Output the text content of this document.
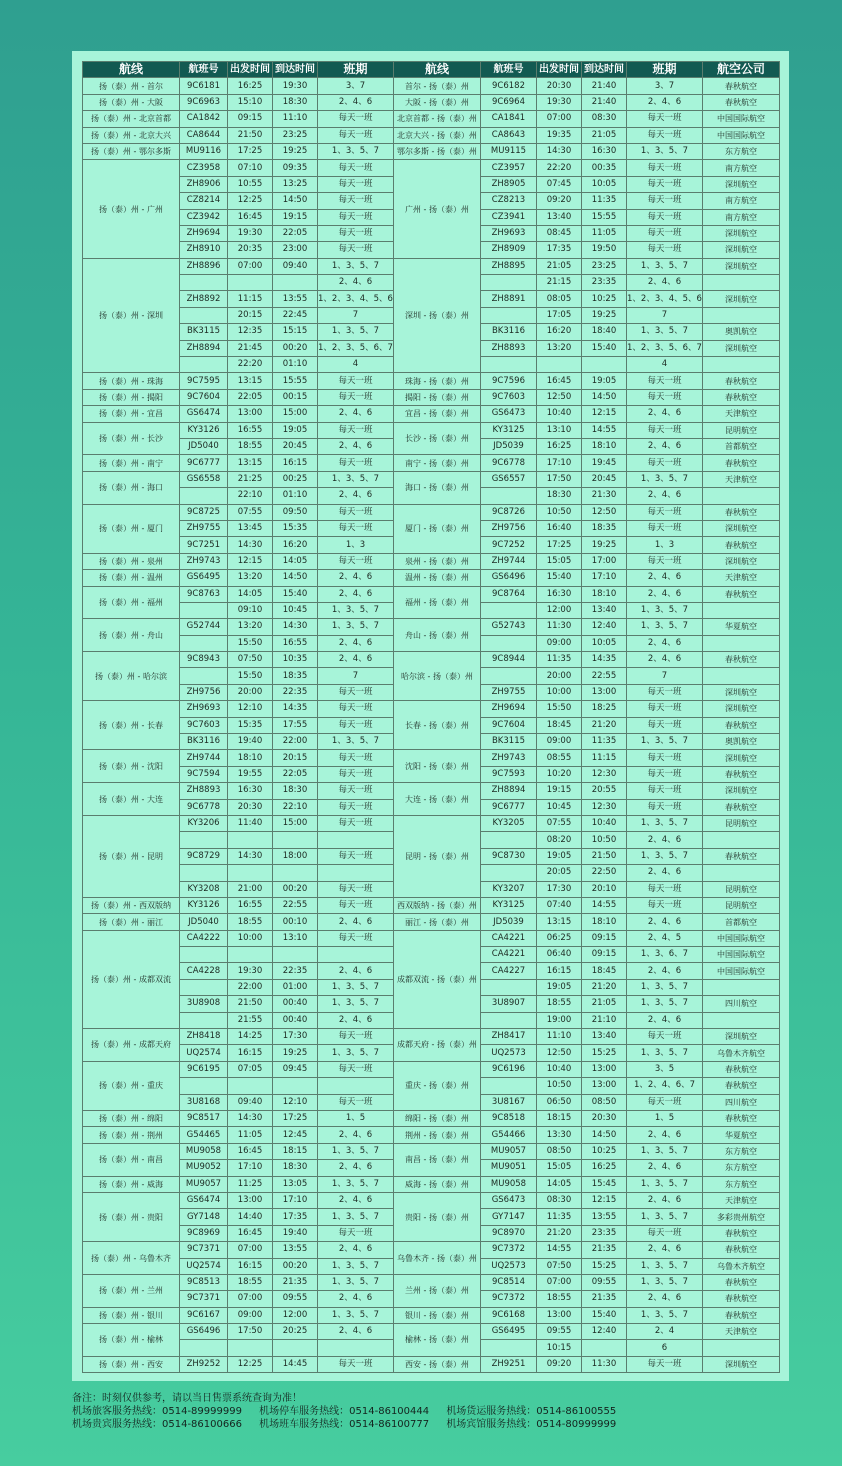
航线	航班号	出发时间	到达时间	班期	航线	航班号	出发时间	到达时间	班期	航空公司
扬（泰）州 - 首尔	9C6181	16:25	19:30	3、7	首尔 - 扬（泰）州	9C6182	20:30	21:40	3、7	春秋航空
扬（泰）州 - 大阪	9C6963	15:10	18:30	2、4、6	大阪 - 扬（泰）州	9C6964	19:30	21:40	2、4、6	春秋航空
扬（泰）州 - 北京首都	CA1842	09:15	11:10	每天一班	北京首都 - 扬（泰）州	CA1841	07:00	08:30	每天一班	中国国际航空
扬（泰）州 - 北京大兴	CA8644	21:50	23:25	每天一班	北京大兴 - 扬（泰）州	CA8643	19:35	21:05	每天一班	中国国际航空
扬（泰）州 - 鄂尔多斯	MU9116	17:25	19:25	1、3、5、7	鄂尔多斯 - 扬（泰）州	MU9115	14:30	16:30	1、3、5、7	东方航空
扬（泰）州 - 广州	CZ3958	07:10	09:35	每天一班	广州 - 扬（泰）州	CZ3957	22:20	00:35	每天一班	南方航空
	ZH8906	10:55	13:25	每天一班		ZH8905	07:45	10:05	每天一班	深圳航空
	CZ8214	12:25	14:50	每天一班		CZ8213	09:20	11:35	每天一班	南方航空
	CZ3942	16:45	19:15	每天一班		CZ3941	13:40	15:55	每天一班	南方航空
	ZH9694	19:30	22:05	每天一班		ZH9693	08:45	11:05	每天一班	深圳航空
	ZH8910	20:35	23:00	每天一班		ZH8909	17:35	19:50	每天一班	深圳航空
扬（泰）州 - 深圳	ZH8896	07:00	09:40	1、3、5、7	深圳 - 扬（泰）州	ZH8895	21:05	23:25	1、3、5、7	深圳航空
				2、4、6			21:15	23:35	2、4、6	
	ZH8892	11:15	13:55	1、2、3、4、5、6		ZH8891	08:05	10:25	1、2、3、4、5、6	深圳航空
		20:15	22:45	7			17:05	19:25	7	
	BK3115	12:35	15:15	1、3、5、7		BK3116	16:20	18:40	1、3、5、7	奥凯航空
	ZH8894	21:45	00:20	1、2、3、5、6、7		ZH8893	13:20	15:40	1、2、3、5、6、7	深圳航空
		22:20	01:10	4					4	
扬（泰）州 - 珠海	9C7595	13:15	15:55	每天一班	珠海 - 扬（泰）州	9C7596	16:45	19:05	每天一班	春秋航空
扬（泰）州 - 揭阳	9C7604	22:05	00:15	每天一班	揭阳 - 扬（泰）州	9C7603	12:50	14:50	每天一班	春秋航空
扬（泰）州 - 宜昌	GS6474	13:00	15:00	2、4、6	宜昌 - 扬（泰）州	GS6473	10:40	12:15	2、4、6	天津航空
扬（泰）州 - 长沙	KY3126	16:55	19:05	每天一班	长沙 - 扬（泰）州	KY3125	13:10	14:55	每天一班	昆明航空
	JD5040	18:55	20:45	2、4、6		JD5039	16:25	18:10	2、4、6	首都航空
扬（泰）州 - 南宁	9C6777	13:15	16:15	每天一班	南宁 - 扬（泰）州	9C6778	17:10	19:45	每天一班	春秋航空
扬（泰）州 - 海口	GS6558	21:25	00:25	1、3、5、7	海口 - 扬（泰）州	GS6557	17:50	20:45	1、3、5、7	天津航空
		22:10	01:10	2、4、6			18:30	21:30	2、4、6	
扬（泰）州 - 厦门	9C8725	07:55	09:50	每天一班	厦门 - 扬（泰）州	9C8726	10:50	12:50	每天一班	春秋航空
	ZH9755	13:45	15:35	每天一班		ZH9756	16:40	18:35	每天一班	深圳航空
	9C7251	14:30	16:20	1、3		9C7252	17:25	19:25	1、3	春秋航空
扬（泰）州 - 泉州	ZH9743	12:15	14:05	每天一班	泉州 - 扬（泰）州	ZH9744	15:05	17:00	每天一班	深圳航空
扬（泰）州 - 温州	GS6495	13:20	14:50	2、4、6	温州 - 扬（泰）州	GS6496	15:40	17:10	2、4、6	天津航空
扬（泰）州 - 福州	9C8763	14:05	15:40	2、4、6	福州 - 扬（泰）州	9C8764	16:30	18:10	2、4、6	春秋航空
		09:10	10:45	1、3、5、7			12:00	13:40	1、3、5、7	
扬（泰）州 - 舟山	G52744	13:20	14:30	1、3、5、7	舟山 - 扬（泰）州	G52743	11:30	12:40	1、3、5、7	华夏航空
		15:50	16:55	2、4、6			09:00	10:05	2、4、6	
扬（泰）州 - 哈尔滨	9C8943	07:50	10:35	2、4、6	哈尔滨 - 扬（泰）州	9C8944	11:35	14:35	2、4、6	春秋航空
		15:50	18:35	7			20:00	22:55	7	
	ZH9756	20:00	22:35	每天一班		ZH9755	10:00	13:00	每天一班	深圳航空
扬（泰）州 - 长春	ZH9693	12:10	14:35	每天一班	长春 - 扬（泰）州	ZH9694	15:50	18:25	每天一班	深圳航空
	9C7603	15:35	17:55	每天一班		9C7604	18:45	21:20	每天一班	春秋航空
	BK3116	19:40	22:00	1、3、5、7		BK3115	09:00	11:35	1、3、5、7	奥凯航空
扬（泰）州 - 沈阳	ZH9744	18:10	20:15	每天一班	沈阳 - 扬（泰）州	ZH9743	08:55	11:15	每天一班	深圳航空
	9C7594	19:55	22:05	每天一班		9C7593	10:20	12:30	每天一班	春秋航空
扬（泰）州 - 大连	ZH8893	16:30	18:30	每天一班	大连 - 扬（泰）州	ZH8894	19:15	20:55	每天一班	深圳航空
	9C6778	20:30	22:10	每天一班		9C6777	10:45	12:30	每天一班	春秋航空
扬（泰）州 - 昆明	KY3206	11:40	15:00	每天一班	昆明 - 扬（泰）州	KY3205	07:55	10:40	1、3、5、7	昆明航空
							08:20	10:50	2、4、6	
	9C8729	14:30	18:00	每天一班		9C8730	19:05	21:50	1、3、5、7	春秋航空
							20:05	22:50	2、4、6	
	KY3208	21:00	00:20	每天一班		KY3207	17:30	20:10	每天一班	昆明航空
扬（泰）州 - 西双版纳	KY3126	16:55	22:55	每天一班	西双版纳 - 扬（泰）州	KY3125	07:40	14:55	每天一班	昆明航空
扬（泰）州 - 丽江	JD5040	18:55	00:10	2、4、6	丽江 - 扬（泰）州	JD5039	13:15	18:10	2、4、6	首都航空
扬（泰）州 - 成都双流	CA4222	10:00	13:10	每天一班	成都双流 - 扬（泰）州	CA4221	06:25	09:15	2、4、5	中国国际航空
						CA4221	06:40	09:15	1、3、6、7	中国国际航空
	CA4228	19:30	22:35	2、4、6		CA4227	16:15	18:45	2、4、6	中国国际航空
		22:00	01:00	1、3、5、7			19:05	21:20	1、3、5、7	
	3U8908	21:50	00:40	1、3、5、7		3U8907	18:55	21:05	1、3、5、7	四川航空
		21:55	00:40	2、4、6			19:00	21:10	2、4、6	
扬（泰）州 - 成都天府	ZH8418	14:25	17:30	每天一班	成都天府 - 扬（泰）州	ZH8417	11:10	13:40	每天一班	深圳航空
	UQ2574	16:15	19:25	1、3、5、7		UQ2573	12:50	15:25	1、3、5、7	乌鲁木齐航空
扬（泰）州 - 重庆	9C6195	07:05	09:45	每天一班	重庆 - 扬（泰）州	9C6196	10:40	13:00	3、5	春秋航空
							10:50	13:00	1、2、4、6、7	春秋航空
	3U8168	09:40	12:10	每天一班		3U8167	06:50	08:50	每天一班	四川航空
扬（泰）州 - 绵阳	9C8517	14:30	17:25	1、5	绵阳 - 扬（泰）州	9C8518	18:15	20:30	1、5	春秋航空
扬（泰）州 - 荆州	G54465	11:05	12:45	2、4、6	荆州 - 扬（泰）州	G54466	13:30	14:50	2、4、6	华夏航空
扬（泰）州 - 南昌	MU9058	16:45	18:15	1、3、5、7	南昌 - 扬（泰）州	MU9057	08:50	10:25	1、3、5、7	东方航空
	MU9052	17:10	18:30	2、4、6		MU9051	15:05	16:25	2、4、6	东方航空
扬（泰）州 - 威海	MU9057	11:25	13:05	1、3、5、7	威海 - 扬（泰）州	MU9058	14:05	15:45	1、3、5、7	东方航空
扬（泰）州 - 贵阳	GS6474	13:00	17:10	2、4、6	贵阳 - 扬（泰）州	GS6473	08:30	12:15	2、4、6	天津航空
	GY7148	14:40	17:35	1、3、5、7		GY7147	11:35	13:55	1、3、5、7	多彩贵州航空
	9C8969	16:45	19:40	每天一班		9C8970	21:20	23:35	每天一班	春秋航空
扬（泰）州 - 乌鲁木齐	9C7371	07:00	13:55	2、4、6	乌鲁木齐 - 扬（泰）州	9C7372	14:55	21:35	2、4、6	春秋航空
	UQ2574	16:15	00:20	1、3、5、7		UQ2573	07:50	15:25	1、3、5、7	乌鲁木齐航空
扬（泰）州 - 兰州	9C8513	18:55	21:35	1、3、5、7	兰州 - 扬（泰）州	9C8514	07:00	09:55	1、3、5、7	春秋航空
	9C7371	07:00	09:55	2、4、6		9C7372	18:55	21:35	2、4、6	春秋航空
扬（泰）州 - 银川	9C6167	09:00	12:00	1、3、5、7	银川 - 扬（泰）州	9C6168	13:00	15:40	1、3、5、7	春秋航空
扬（泰）州 - 榆林	GS6496	17:50	20:25	2、4、6	榆林 - 扬（泰）州	GS6495	09:55	12:40	2、4	天津航空
							10:15		6	
扬（泰）州 - 西安	ZH9252	12:25	14:45	每天一班	西安 - 扬（泰）州	ZH9251	09:20	11:30	每天一班	深圳航空
备注：时刻仅供参考，请以当日售票系统查询为准！
机场旅客服务热线：0514-89999999 机场停车服务热线：0514-86100444 机场货运服务热线：0514-86100555
机场贵宾服务热线：0514-86100666 机场班车服务热线：0514-86100777 机场宾馆服务热线：0514-80999999
